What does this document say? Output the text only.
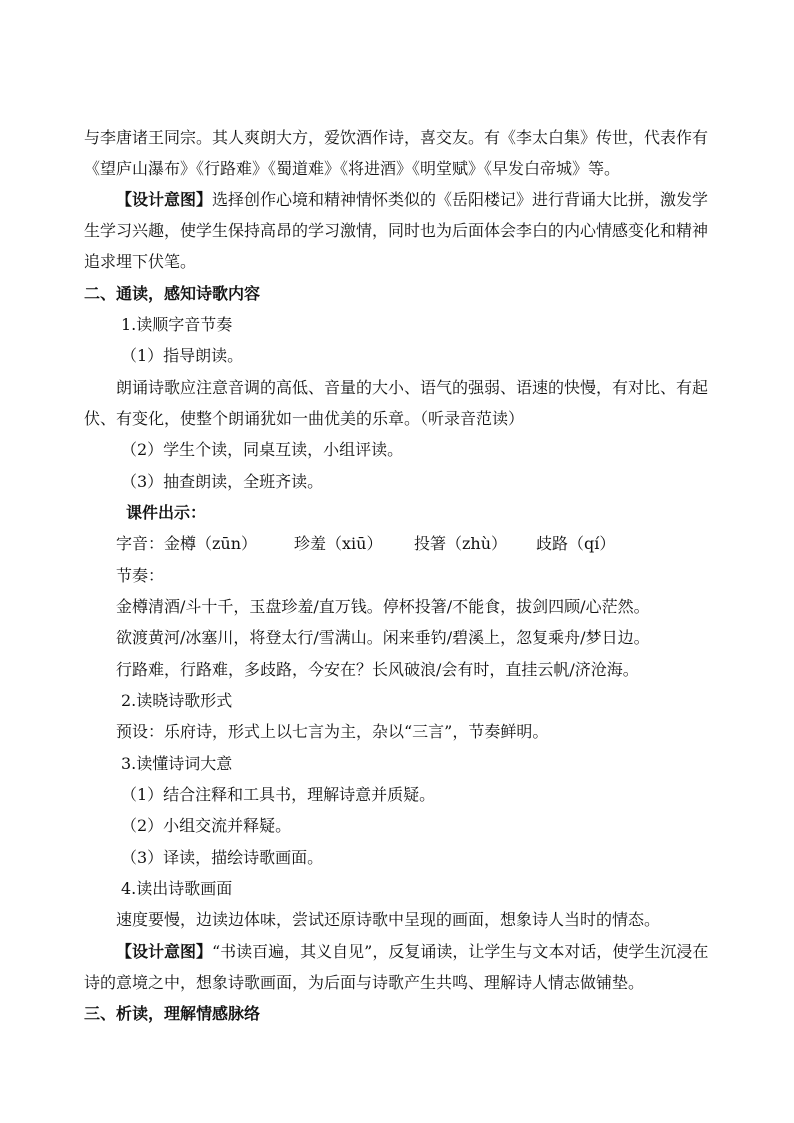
与李唐诸王同宗。其人爽朗大方，爱饮酒作诗，喜交友。有《李太白集》传世，代表作有
《望庐山瀑布》《行路难》《蜀道难》《将进酒》《明堂赋》《早发白帝城》等。
【设计意图】 选择创作心境和精神情怀类似的《岳阳楼记》进行背诵大比拼，激发学
生学习兴趣，使学生保持高昂的学习激情，同时也为后面体会李白的内心情感变化和精神
追求埋下伏笔。
二、通读，感知诗歌内容
1.读顺字音节奏
（1）指导朗读。
朗诵诗歌应注意音调的高低、音量的大小、语气的强弱、语速的快慢，有对比、有起
伏、有变化，使整个朗诵犹如一曲优美的乐章。（听录音范读）
（2）学生个读，同桌互读，小组评读。
（3）抽查朗读，全班齐读。
课件出示：
字音：金樽（zūn） 珍羞（xiū） 投箸（zhù） 歧路（qí）
节奏：
金樽清酒/斗十千，玉盘珍羞/直万钱。停杯投箸/不能食，拔剑四顾/心茫然。
欲渡黄河/冰塞川，将登太行/雪满山。闲来垂钓/碧溪上，忽复乘舟/梦日边。
行路难，行路难，多歧路，今安在？长风破浪/会有时，直挂云帆/济沧海。
2.读晓诗歌形式
预设：乐府诗，形式上以七言为主，杂以“三言”，节奏鲜明。
3.读懂诗词大意
（1）结合注释和工具书，理解诗意并质疑。
（2）小组交流并释疑。
（3）译读，描绘诗歌画面。
4.读出诗歌画面
速度要慢，边读边体味，尝试还原诗歌中呈现的画面，想象诗人当时的情态。
【设计意图】 “书读百遍，其义自见”，反复诵读，让学生与文本对话，使学生沉浸在
诗的意境之中，想象诗歌画面，为后面与诗歌产生共鸣、理解诗人情志做铺垫。
三、析读，理解情感脉络
